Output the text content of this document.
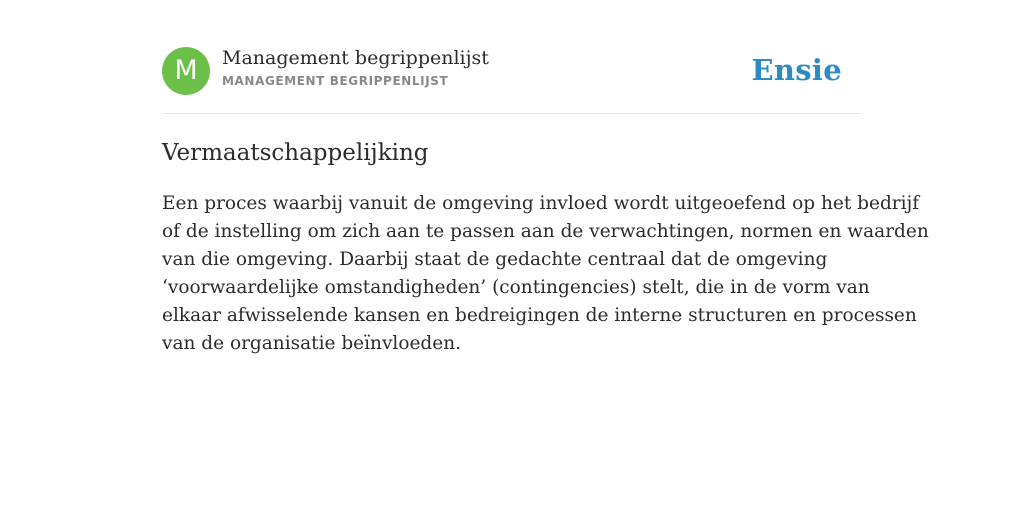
M	Management begrippenlijst
MANAGEMENT BEGRIPPENLIJST	Ensie
Vermaatschappelijking
Een proces waarbij vanuit de omgeving invloed wordt uitgeoefend op het bedrijf
of de instelling om zich aan te passen aan de verwachtingen, normen en waarden
van die omgeving. Daarbij staat de gedachte centraal dat de omgeving
‘voorwaardelijke omstandigheden’ (contingencies) stelt, die in de vorm van
elkaar afwisselende kansen en bedreigingen de interne structuren en processen
van de organisatie beïnvloeden.
